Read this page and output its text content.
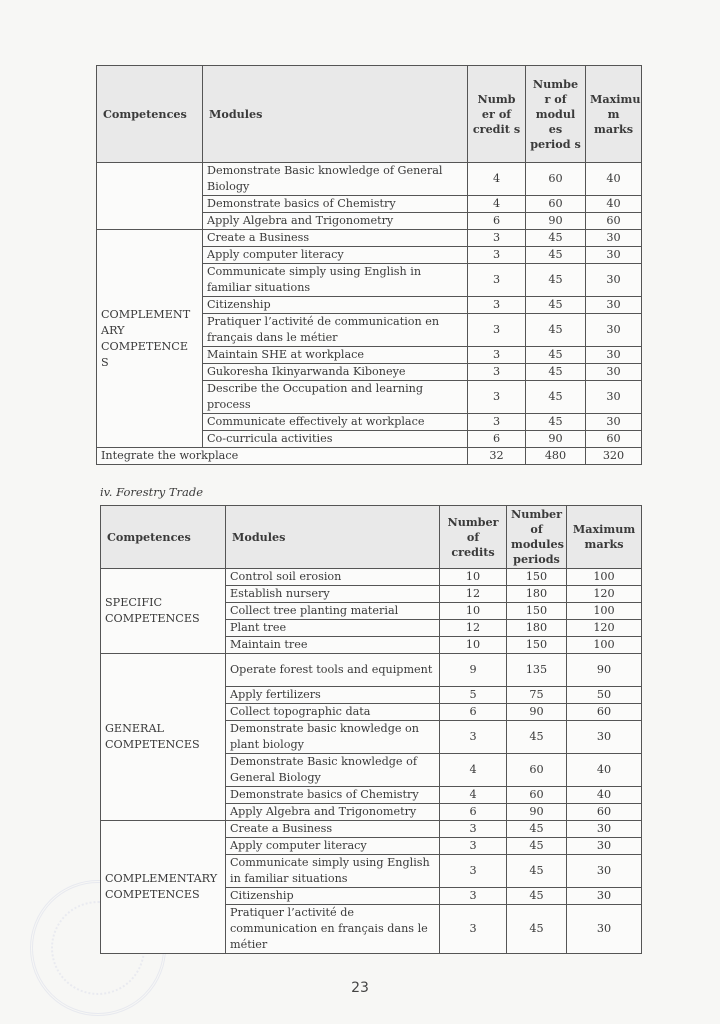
Competences	Modules	Numb er of credit s	Numbe r of modul es period s	Maximu m marks
	Demonstrate Basic knowledge of General Biology	4	60	40
	Demonstrate basics of Chemistry	4	60	40
	Apply Algebra and Trigonometry	6	90	60
COMPLEMENT ARY COMPETENCE S	Create a Business	3	45	30
	Apply computer literacy	3	45	30
	Communicate simply using English in familiar situations	3	45	30
	Citizenship	3	45	30
	Pratiquer l’activité de communication en français dans le métier	3	45	30
	Maintain SHE at workplace	3	45	30
	Gukoresha Ikinyarwanda Kiboneye	3	45	30
	Describe the Occupation and learning process	3	45	30
	Communicate effectively at workplace	3	45	30
	Co-curricula activities	6	90	60
Integrate the workplace		32	480	320
iv. Forestry Trade
Competences	Modules	Number of credits	Number of modules periods	Maximum marks
SPECIFIC COMPETENCES	Control soil erosion	10	150	100
	Establish nursery	12	180	120
	Collect tree planting material	10	150	100
	Plant tree	12	180	120
	Maintain tree	10	150	100
GENERAL COMPETENCES	Operate forest tools and equipment	9	135	90
	Apply fertilizers	5	75	50
	Collect topographic data	6	90	60
	Demonstrate basic knowledge on plant biology	3	45	30
	Demonstrate Basic knowledge of General Biology	4	60	40
	Demonstrate basics of Chemistry	4	60	40
	Apply Algebra and Trigonometry	6	90	60
COMPLEMENTARY COMPETENCES	Create a Business	3	45	30
	Apply computer literacy	3	45	30
	Communicate simply using English in familiar situations	3	45	30
	Citizenship	3	45	30
	Pratiquer l’activité de communication en français dans le métier	3	45	30
23
